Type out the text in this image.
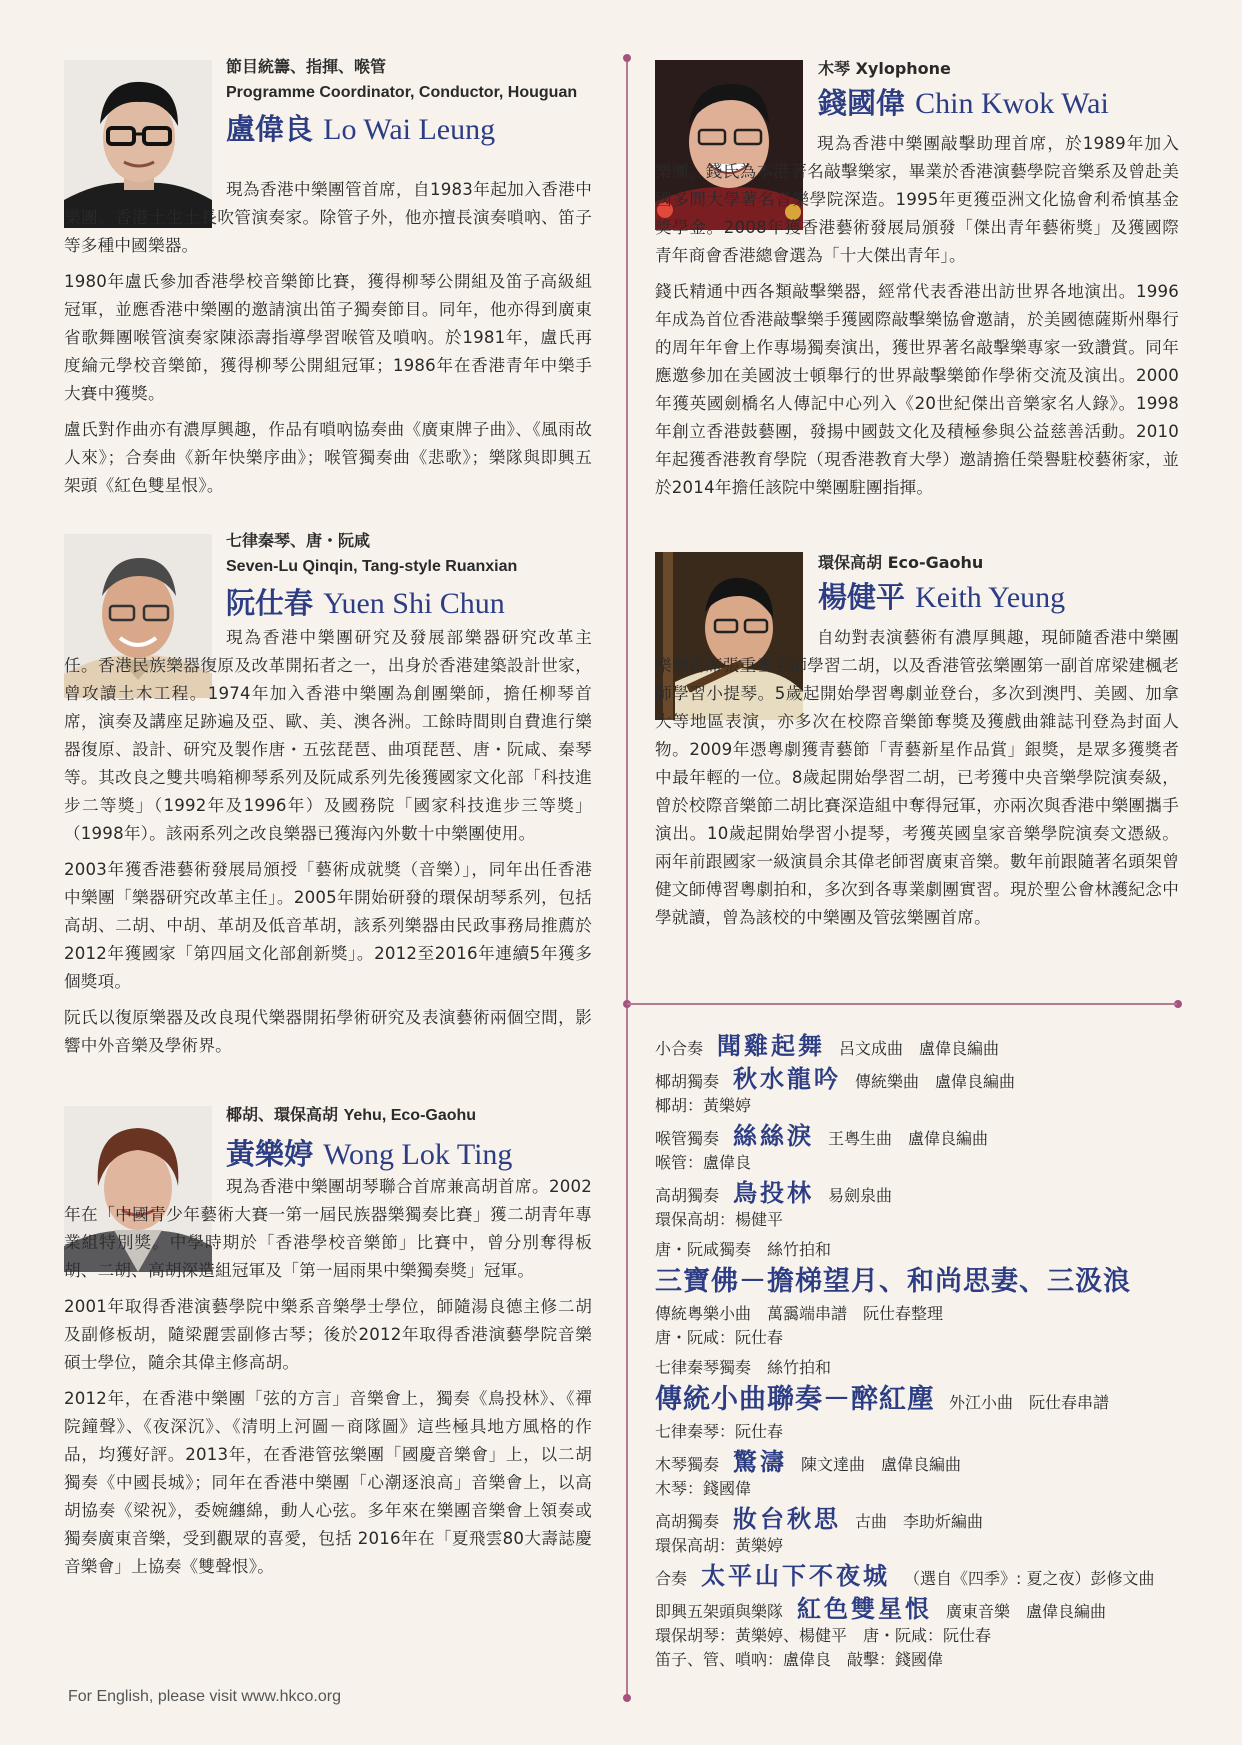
節目統籌、指揮、喉管
Programme Coordinator, Conductor, Houguan
盧偉良 Lo Wai Leung

現為香港中樂團管首席，自1983年起加入香港中樂團。香港土生土長吹管演奏家。除管子外，他亦擅長演奏嗩吶、笛子等多種中國樂器。

1980年盧氏參加香港學校音樂節比賽，獲得柳琴公開組及笛子高級組冠軍，並應香港中樂團的邀請演出笛子獨奏節目。同年，他亦得到廣東省歌舞團喉管演奏家陳添壽指導學習喉管及嗩吶。於1981年，盧氏再度綸元學校音樂節，獲得柳琴公開組冠軍；1986年在香港青年中樂手大賽中獲獎。

盧氏對作曲亦有濃厚興趣，作品有嗩吶協奏曲《廣東牌子曲》、《風雨故人來》；合奏曲《新年快樂序曲》；喉管獨奏曲《悲歌》；樂隊與即興五架頭《紅色雙星恨》。

七律秦琴、唐・阮咸
Seven-Lu Qinqin, Tang-style Ruanxian
阮仕春 Yuen Shi Chun

現為香港中樂團研究及發展部樂器研究改革主任。香港民族樂器復原及改革開拓者之一，出身於香港建築設計世家，曾攻讀土木工程。1974年加入香港中樂團為創團樂師，擔任柳琴首席，演奏及講座足跡遍及亞、歐、美、澳各洲。工餘時間則自費進行樂器復原、設計、研究及製作唐・五弦琵琶、曲項琵琶、唐・阮咸、秦琴等。其改良之雙共鳴箱柳琴系列及阮咸系列先後獲國家文化部「科技進步二等獎」（1992年及1996年）及國務院「國家科技進步三等獎」（1998年）。該兩系列之改良樂器已獲海內外數十中樂團使用。

2003年獲香港藝術發展局頒授「藝術成就獎（音樂）」，同年出任香港中樂團「樂器研究改革主任」。2005年開始研發的環保胡琴系列，包括高胡、二胡、中胡、革胡及低音革胡，該系列樂器由民政事務局推薦於2012年獲國家「第四屆文化部創新獎」。2012至2016年連續5年獲多個獎項。

阮氏以復原樂器及改良現代樂器開拓學術研究及表演藝術兩個空間，影響中外音樂及學術界。

椰胡、環保高胡 Yehu, Eco-Gaohu
黃樂婷 Wong Lok Ting

現為香港中樂團胡琴聯合首席兼高胡首席。2002年在「中國青少年藝術大賽一第一屆民族器樂獨奏比賽」獲二胡青年專業組特別獎。中學時期於「香港學校音樂節」比賽中，曾分別奪得板胡、二胡、高胡深造組冠軍及「第一屆雨果中樂獨奏獎」冠軍。

2001年取得香港演藝學院中樂系音樂學士學位，師隨湯良德主修二胡及副修板胡，隨梁麗雲副修古琴；後於2012年取得香港演藝學院音樂碩士學位，隨余其偉主修高胡。

2012年，在香港中樂團「弦的方言」音樂會上，獨奏《鳥投林》、《禪院鐘聲》、《夜深沉》、《清明上河圖－商隊圖》這些極具地方風格的作品，均獲好評。2013年，在香港管弦樂團「國慶音樂會」上，以二胡獨奏《中國長城》；同年在香港中樂團「心潮逐浪高」音樂會上，以高胡協奏《梁祝》，委婉纏綿，動人心弦。多年來在樂團音樂會上領奏或獨奏廣東音樂，受到觀眾的喜愛，包括 2016年在「夏飛雲80大壽誌慶音樂會」上協奏《雙聲恨》。

For English, please visit www.hkco.org
木琴 Xylophone
錢國偉 Chin Kwok Wai

現為香港中樂團敲擊助理首席，於1989年加入樂團。錢氏為本港著名敲擊樂家，畢業於香港演藝學院音樂系及曾赴美國多間大學著名音樂學院深造。1995年更獲亞洲文化協會利希慎基金獎學金。2008年獲香港藝術發展局頒發「傑出青年藝術獎」及獲國際青年商會香港總會選為「十大傑出青年」。

錢氏精通中西各類敲擊樂器，經常代表香港出訪世界各地演出。1996年成為首位香港敲擊樂手獲國際敲擊樂協會邀請，於美國德薩斯州舉行的周年年會上作專場獨奏演出，獲世界著名敲擊樂專家一致讚賞。同年應邀參加在美國波士頓舉行的世界敲擊樂節作學術交流及演出。2000年獲英國劍橋名人傳記中心列入《20世紀傑出音樂家名人錄》。1998年創立香港鼓藝團，發揚中國鼓文化及積極參與公益慈善活動。2010年起獲香港教育學院（現香港教育大學）邀請擔任榮譽駐校藝術家，並於2014年擔任該院中樂團駐團指揮。

環保高胡 Eco-Gaohu
楊健平 Keith Yeung

自幼對表演藝術有濃厚興趣，現師隨香港中樂團樂團首席張重雪老師學習二胡，以及香港管弦樂團第一副首席梁建楓老師學習小提琴。5歲起開始學習粵劇並登台，多次到澳門、美國、加拿大等地區表演，亦多次在校際音樂節奪獎及獲戲曲雜誌刊登為封面人物。2009年憑粵劇獲青藝節「青藝新星作品賞」銀獎，是眾多獲獎者中最年輕的一位。8歲起開始學習二胡，已考獲中央音樂學院演奏級，曾於校際音樂節二胡比賽深造組中奪得冠軍，亦兩次與香港中樂團攜手演出。10歲起開始學習小提琴，考獲英國皇家音樂學院演奏文憑級。兩年前跟國家一級演員余其偉老師習廣東音樂。數年前跟隨著名頭架曾健文師傅習粵劇拍和，多次到各專業劇團實習。現於聖公會林護紀念中學就讀，曾為該校的中樂團及管弦樂團首席。

小合奏 聞雞起舞 呂文成曲　盧偉良編曲
椰胡獨奏 秋水龍吟 傳統樂曲　盧偉良編曲
椰胡：黃樂婷
喉管獨奏 絲絲淚 王粵生曲　盧偉良編曲
喉管：盧偉良
高胡獨奏 鳥投林 易劍泉曲
環保高胡：楊健平
唐・阮咸獨奏　絲竹拍和
三寶佛－擔梯望月、和尚思妻、三汲浪
傳統粵樂小曲　萬靄端串譜　阮仕春整理
唐・阮咸：阮仕春
七律秦琴獨奏　絲竹拍和
傳統小曲聯奏－醉紅塵 外江小曲　阮仕春串譜
七律秦琴：阮仕春
木琴獨奏 驚濤 陳文達曲　盧偉良編曲
木琴：錢國偉
高胡獨奏 妝台秋思 古曲　李助炘編曲
環保高胡：黃樂婷
合奏 太平山下不夜城 （選自《四季》: 夏之夜）彭修文曲
即興五架頭與樂隊 紅色雙星恨 廣東音樂　盧偉良編曲
環保胡琴：黃樂婷、楊健平　唐・阮咸：阮仕春
笛子、管、嗩吶：盧偉良　敲擊：錢國偉
